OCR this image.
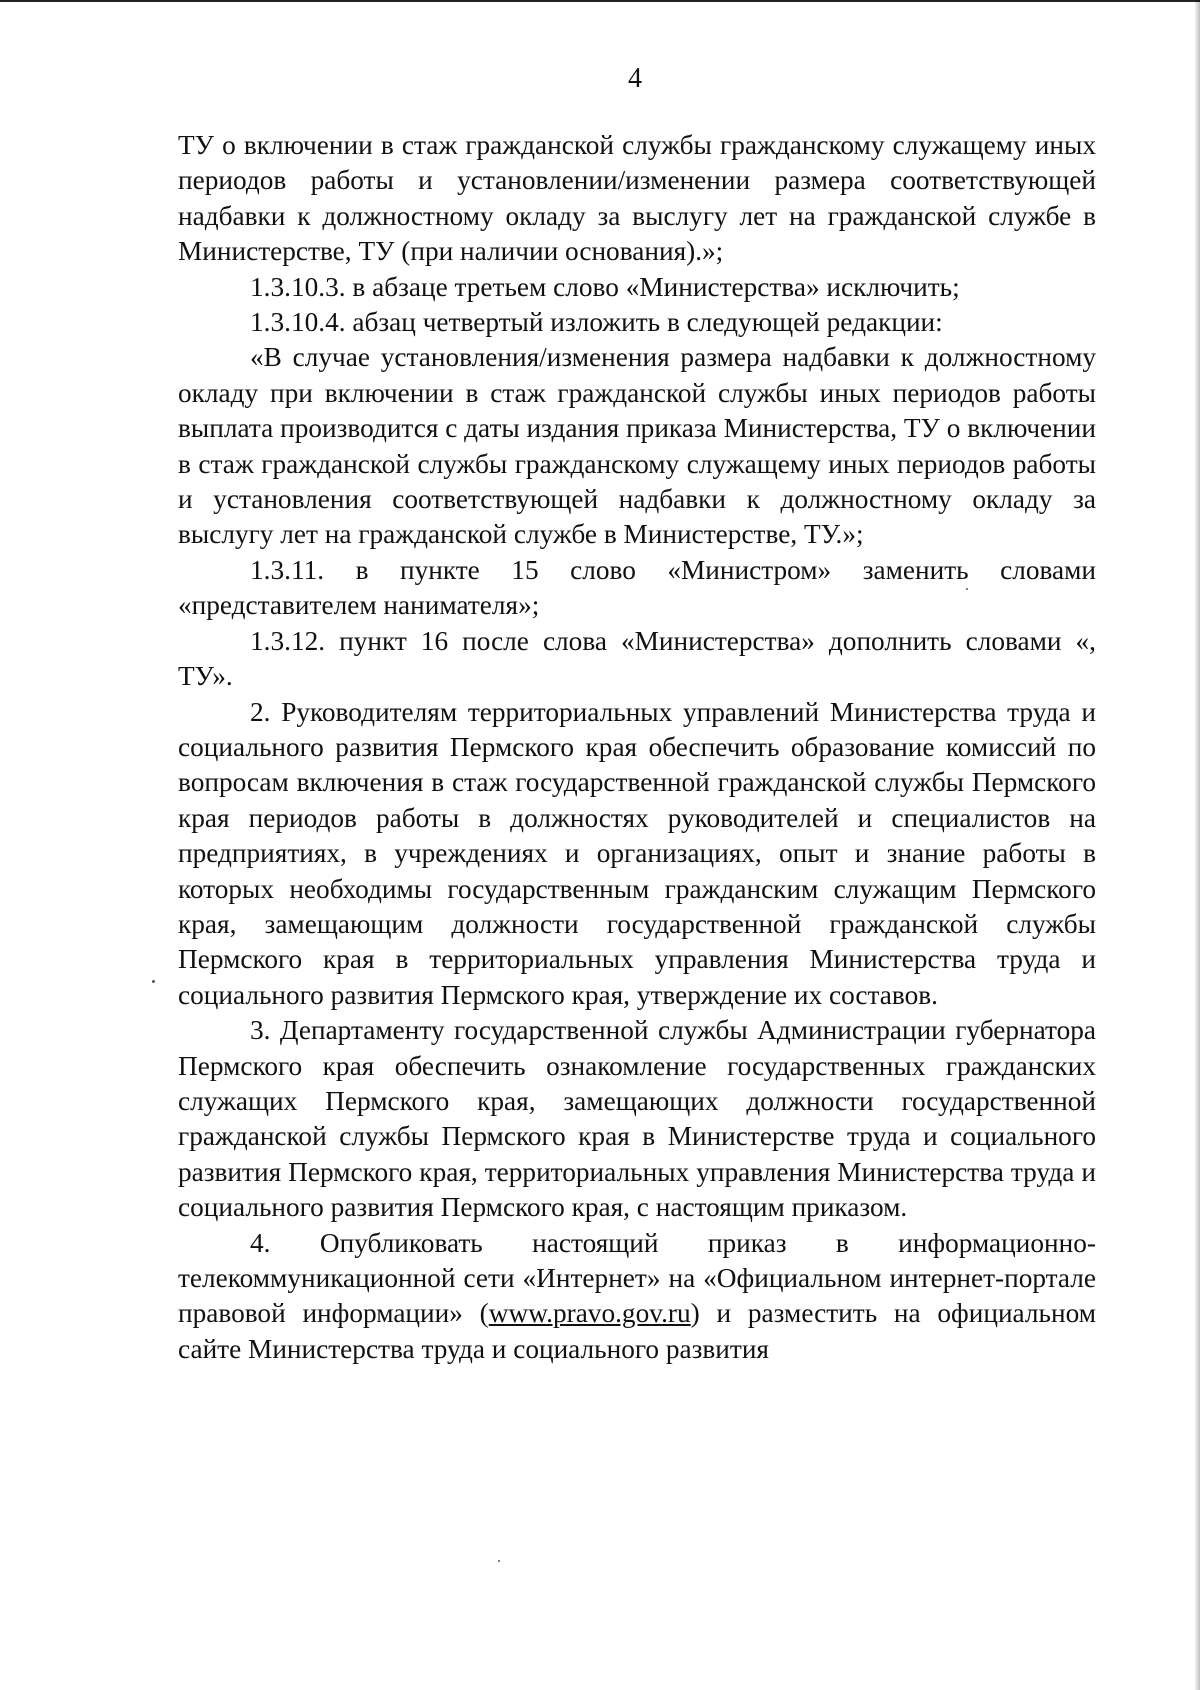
4

ТУ о включении в стаж гражданской службы гражданскому служащему иных периодов работы и установлении/изменении размера соответствующей надбавки к должностному окладу за выслугу лет на гражданской службе в Министерстве, ТУ (при наличии основания).»;

1.3.10.3. в абзаце третьем слово «Министерства» исключить;

1.3.10.4. абзац четвертый изложить в следующей редакции:

«В случае установления/изменения размера надбавки к должностному окладу при включении в стаж гражданской службы иных периодов работы выплата производится с даты издания приказа Министерства, ТУ о включении в стаж гражданской службы гражданскому служащему иных периодов работы и установления соответствующей надбавки к должностному окладу за выслугу лет на гражданской службе в Министерстве, ТУ.»;

1.3.11. в пункте 15 слово «Министром» заменить словами «представителем нанимателя»;

1.3.12. пункт 16 после слова «Министерства» дополнить словами «, ТУ».

2. Руководителям территориальных управлений Министерства труда и социального развития Пермского края обеспечить образование комиссий по вопросам включения в стаж государственной гражданской службы Пермского края периодов работы в должностях руководителей и специалистов на предприятиях, в учреждениях и организациях, опыт и знание работы в которых необходимы государственным гражданским служащим Пермского края, замещающим должности государственной гражданской службы Пермского края в территориальных управления Министерства труда и социального развития Пермского края, утверждение их составов.

3. Департаменту государственной службы Администрации губернатора Пермского края обеспечить ознакомление государственных гражданских служащих Пермского края, замещающих должности государственной гражданской службы Пермского края в Министерстве труда и социального развития Пермского края, территориальных управления Министерства труда и социального развития Пермского края, с настоящим приказом.

4. Опубликовать настоящий приказ в информационно-телекоммуникационной сети «Интернет» на «Официальном интернет-портале правовой информации» (www.pravo.gov.ru) и разместить на официальном сайте Министерства труда и социального развития
